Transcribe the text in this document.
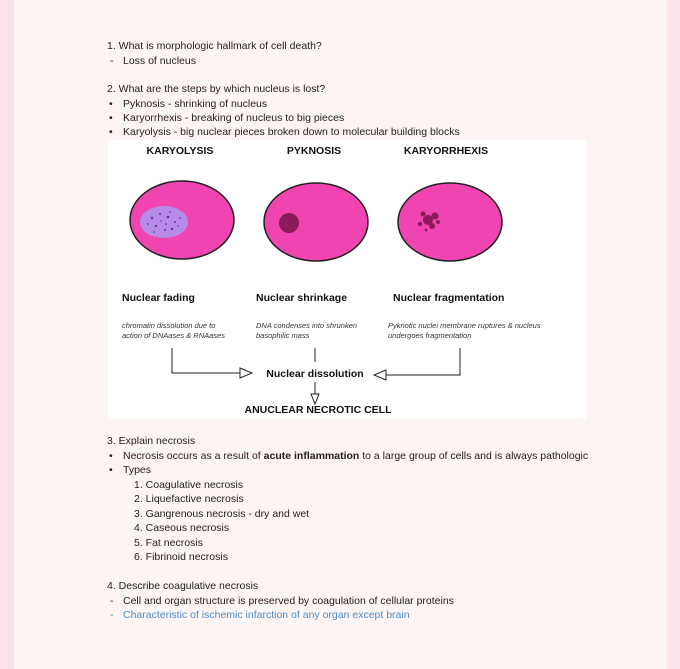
1. What is morphologic hallmark of cell death?
- Loss of nucleus
2. What are the steps by which nucleus is lost?
• Pyknosis - shrinking of nucleus
• Karyorrhexis - breaking of nucleus to big pieces
• Karyolysis - big nuclear pieces broken down to molecular building blocks
KARYOLYSIS	PYKNOSIS	KARYORRHEXIS
Nuclear fading	Nuclear shrinkage	Nuclear fragmentation
chromatin dissolution due to
action of DNAases & RNAases
DNA condenses into shrunken
basophilic mass
Pyknotic nuclei membrane ruptures & nucleus
undergoes fragmentation
Nuclear dissolution
ANUCLEAR NECROTIC CELL
3. Explain necrosis
• Necrosis occurs as a result of acute inflammation to a large group of cells and is always pathologic
• Types
1. Coagulative necrosis
2. Liquefactive necrosis
3. Gangrenous necrosis - dry and wet
4. Caseous necrosis
5. Fat necrosis
6. Fibrinoid necrosis
4. Describe coagulative necrosis
- Cell and organ structure is preserved by coagulation of cellular proteins
- Characteristic of ischemic infarction of any organ except brain
